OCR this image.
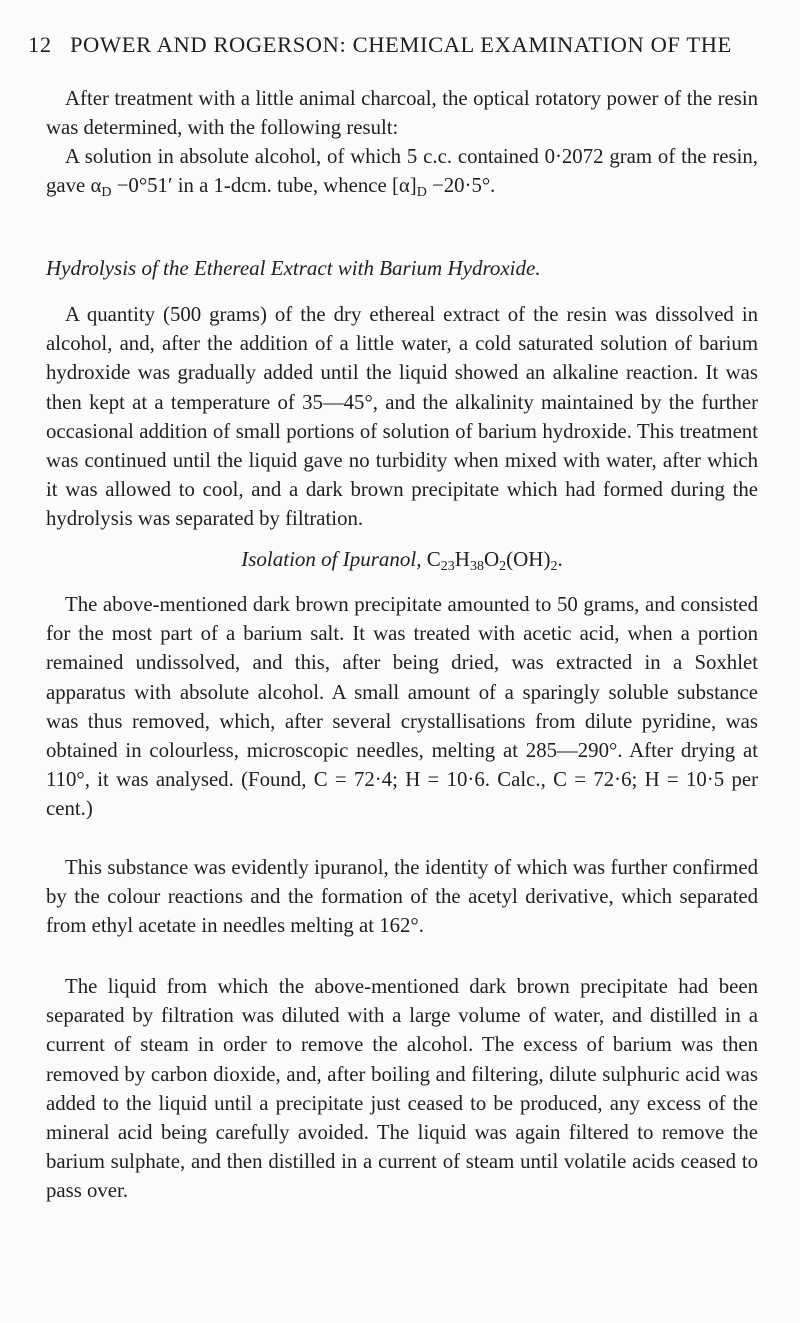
12 POWER AND ROGERSON: CHEMICAL EXAMINATION OF THE

After treatment with a little animal charcoal, the optical rotatory power of the resin was determined, with the following result:

A solution in absolute alcohol, of which 5 c.c. contained 0·2072 gram of the resin, gave $\alpha_D -0^\circ 51'$ in a 1-dcm. tube, whence $[\alpha]_D -20\cdot 5^\circ$.

Hydrolysis of the Ethereal Extract with Barium Hydroxide.

A quantity (500 grams) of the dry ethereal extract of the resin was dissolved in alcohol, and, after the addition of a little water, a cold saturated solution of barium hydroxide was gradually added until the liquid showed an alkaline reaction. It was then kept at a temperature of 35—45°, and the alkalinity maintained by the further occasional addition of small portions of solution of barium hydroxide. This treatment was continued until the liquid gave no turbidity when mixed with water, after which it was allowed to cool, and a dark brown precipitate which had formed during the hydrolysis was separated by filtration.

Isolation of Ipuranol, $C_{23}H_{38}O_2(OH)_2$.

The above-mentioned dark brown precipitate amounted to 50 grams, and consisted for the most part of a barium salt. It was treated with acetic acid, when a portion remained undissolved, and this, after being dried, was extracted in a Soxhlet apparatus with absolute alcohol. A small amount of a sparingly soluble substance was thus removed, which, after several crystallisations from dilute pyridine, was obtained in colourless, microscopic needles, melting at 285—290°. After drying at 110°, it was analysed. (Found, C = 72·4; H = 10·6. Calc., C = 72·6; H = 10·5 per cent.)

This substance was evidently ipuranol, the identity of which was further confirmed by the colour reactions and the formation of the acetyl derivative, which separated from ethyl acetate in needles melting at 162°.

The liquid from which the above-mentioned dark brown precipitate had been separated by filtration was diluted with a large volume of water, and distilled in a current of steam in order to remove the alcohol. The excess of barium was then removed by carbon dioxide, and, after boiling and filtering, dilute sulphuric acid was added to the liquid until a precipitate just ceased to be produced, any excess of the mineral acid being carefully avoided. The liquid was again filtered to remove the barium sulphate, and then distilled in a current of steam until volatile acids ceased to pass over.
